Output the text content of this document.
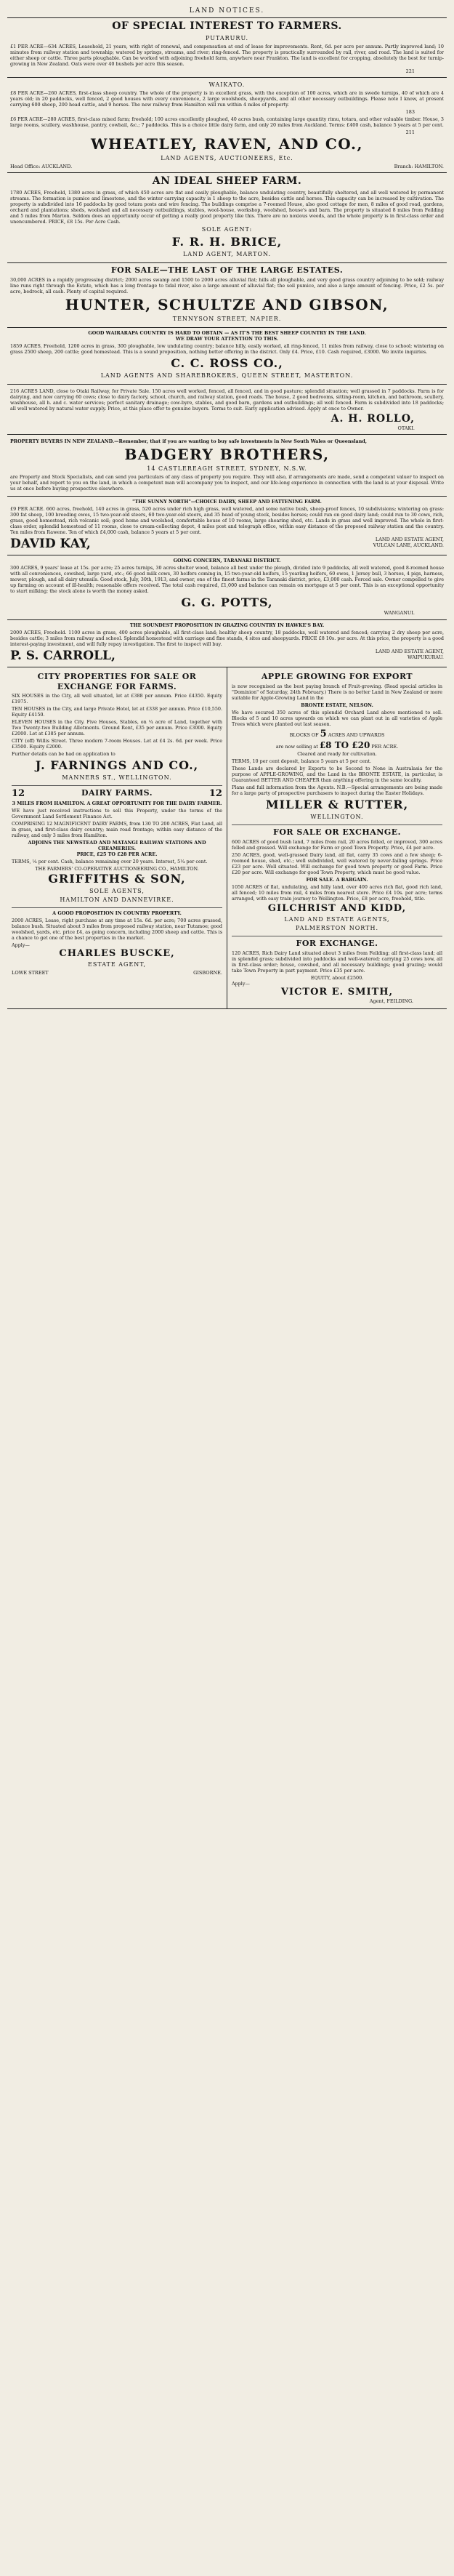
LAND NOTICES.
OF SPECIAL INTEREST TO FARMERS.
PUTARURU.
£1 PER ACRE—634 ACRES, Leasehold, 21 years, with right of renewal, and compensation at end of lease for improvements. Rent, 6d. per acre per annum. Partly improved land; 10 minutes from railway station and township; watered by springs, streams, and river; ring-fenced. The property is practically surrounded by rail, river, and road. The land is suited for either sheep or cattle. Three parts ploughable. Can be worked with adjoining freehold farm, anywhere near Frankton. The land is excellent for cropping, absolutely the best for turnip-growing in New Zealand. Oats were over 40 bushels per acre this season.
221
WAIKATO.
£8 PER ACRE—260 ACRES, first-class sheep country. The whole of the property is in excellent grass, with the exception of 100 acres, which are in swede turnips, 40 of which are 4 years old; in 20 paddocks, well fenced, 2 good houses with every convenience, 2 large woolsheds, sheepyards, and all other necessary outbuildings. Please note I know, at present carrying 600 sheep, 200 head cattle, and 9 horses. The new railway from Hamilton will run within 4 miles of property.
183
£6 PER ACRE—280 ACRES, first-class mixed farm; freehold; 100 acres excellently ploughed, 40 acres bush, containing large quantity rimu, totara, and other valuable timber. House, 3 large rooms, scullery, washhouse, pantry, cowbail, &c.; 7 paddocks. This is a choice little dairy farm, and only 20 miles from Auckland. Terms: £400 cash, balance 5 years at 5 per cent.
211
WHEATLEY, RAVEN, AND CO.,
LAND AGENTS, AUCTIONEERS, Etc.
Head Office: AUCKLAND.	Branch: HAMILTON.
AN IDEAL SHEEP FARM.
1780 ACRES, Freehold, 1380 acres in grass, of which 450 acres are flat and easily ploughable, balance undulating country, beautifully sheltered, and all well watered by permanent streams. The formation is pumice and limestone, and the winter carrying capacity is 1 sheep to the acre, besides cattle and horses. This capacity can be increased by cultivation. The property is subdivided into 16 paddocks by good totara posts and wire fencing. The buildings comprise a 7-roomed House, also good cottage for men, 8 miles of good road, gardens, orchard and plantations; sheds, woolshed and all necessary outbuildings, stables, wool-house, workshop, woolshed, house's and barn. The property is situated 8 miles from Feilding and 5 miles from Marton. Seldom does an opportunity occur of getting a really good property like this. There are no noxious weeds, and the whole property is in first-class order and unencumbered. PRICE, £8 15s. Per Acre Cash.
SOLE AGENT:
F. R. H. BRICE,
LAND AGENT, MARTON.
FOR SALE—THE LAST OF THE LARGE ESTATES.
30,000 ACRES in a rapidly progressing district; 2000 acres swamp and 1500 to 2000 acres alluvial flat; hills all ploughable, and very good grass country adjoining to be sold; railway line runs right through the Estate, which has a long frontage to tidal river, also a large amount of alluvial flat; the soil pumice, and also a large amount of fencing. Price, £2 5s. per acre, bedrock, all cash. Plenty of capital required.
HUNTER, SCHULTZE AND GIBSON,
TENNYSON STREET, NAPIER.
GOOD WAIRARAPA COUNTRY IS HARD TO OBTAIN — AS IT'S THE BEST SHEEP COUNTRY IN THE LAND.
WE DRAW YOUR ATTENTION TO THIS.
1859 ACRES, Freehold, 1200 acres in grass, 300 ploughable, low undulating country; balance hilly, easily worked, all ring-fenced, 11 miles from railway, close to school; wintering on grass 2500 sheep, 200 cattle; good homestead. This is a sound proposition, nothing better offering in the district. Only £4. Price, £10. Cash required, £3000. We invite inquiries.
C. C. ROSS CO.,
LAND AGENTS AND SHAREBROKERS, QUEEN STREET, MASTERTON.
216 ACRES LAND, close to Otaki Railway, for Private Sale. 150 acres well worked, fenced, all fenced, and in good pasture; splendid situation; well grassed in 7 paddocks. Farm is for dairying, and now carrying 60 cows; close to dairy factory, school, church, and railway station, good roads. The house, 2 good bedrooms, sitting-room, kitchen, and bathroom, scullery, washhouse, all h. and c. water services; perfect sanitary drainage; cow-byre, stables, and good barn, gardens and outbuildings; all well fenced. Farm is subdivided into 18 paddocks; all well watered by natural water supply. Price, at this place offer to genuine buyers. Terms to suit. Early application advised. Apply at once to Owner.
A. H. ROLLO,
OTAKI.
PROPERTY BUYERS IN NEW ZEALAND.—Remember, that if you are wanting to buy safe investments in New South Wales or Queensland,
BADGERY BROTHERS,
14 CASTLEREAGH STREET, SYDNEY, N.S.W.
are Property and Stock Specialists, and can send you particulars of any class of property you require. They will also, if arrangements are made, send a competent valuer to inspect on your behalf, and report to you on the land, in which a competent man will accompany you to inspect, and our life-long experience in connection with the land is at your disposal. Write us at once before buying prospective elsewhere.
"THE SUNNY NORTH"—CHOICE DAIRY, SHEEP AND FATTENING FARM.
£9 PER ACRE. 660 acres, freehold, 140 acres in grass, 520 acres under rich high grass, well watered, and some native bush, sheep-proof fences, 10 subdivisions; wintering on grass: 300 fat sheep, 100 breeding ewes, 15 two-year-old steers, 60 two-year-old steers, and 35 head of young stock, besides horses; could run on good dairy land; could run to 30 cows, rich, grass, good homestead, rich volcanic soil; good home and woolshed, comfortable house of 10 rooms, large shearing shed, etc. Lands in grass and well improved. The whole in first-class order, splendid homestead of 11 rooms, close to cream-collecting depot, 4 miles post and telegraph office, within easy distance of the proposed railway station and the country. Ten miles from Rawene. Ten of which £4,000 cash, balance 5 years at 5 per cent.
DAVID KAY,	LAND AND ESTATE AGENT,
VULCAN LANE, AUCKLAND.
GOING CONCERN, TARANAKI DISTRICT.
300 ACRES, 9 years' lease at 15s. per acre; 25 acres turnips, 30 acres shelter wood, balance all best under the plough, divided into 9 paddocks, all well watered, good 8-roomed house with all conveniences, cowshed, large yard, etc.; 66 good milk cows, 30 heifers coming in, 15 two-year-old heifers, 15 yearling heifers, 60 ewes, 1 Jersey bull, 3 horses, 4 pigs, harness, mower, plough, and all dairy utensils. Good stock, July, 30th, 1913, and owner, one of the finest farms in the Taranaki district, price, £3,000 cash. Forced sale. Owner compelled to give up farming on account of ill-health; reasonable offers received. The total cash required, £1,000 and balance can remain on mortgage at 5 per cent. This is an exceptional opportunity to start milking; the stock alone is worth the money asked.
G. G. POTTS,
WANGANUI.
THE SOUNDEST PROPOSITION IN GRAZING COUNTRY IN HAWKE'S BAY.
2000 ACRES, Freehold. 1100 acres in grass, 400 acres ploughable, all first-class land; healthy sheep country, 18 paddocks, well watered and fenced; carrying 2 dry sheep per acre, besides cattle; 3 miles from railway and school. Splendid homestead with carriage and fine stands, 4 sites and sheepyards. PRICE £8 10s. per acre. At this price, the property is a good interest-paying investment, and will fully repay investigation. The first to inspect will buy.
P. S. CARROLL,	LAND AND ESTATE AGENT,
WAIPUKURAU.
CITY PROPERTIES FOR SALE OR EXCHANGE FOR FARMS.
SIX HOUSES in the City, all well situated, let at £388 per annum. Price £4350. Equity £1975.
TEN HOUSES in the City, and large Private Hotel, let at £338 per annum. Price £10,550. Equity £4150.
ELEVEN HOUSES in the City. Five Houses, Stables, on ¼ acre of Land, together with Two Twenty-two Building Allotments. Ground Rent, £35 per annum. Price £3000. Equity £2000. Let at £385 per annum.
CITY (off) Willis Street. Three modern 7-room Houses. Let at £4 2s. 6d. per week. Price £3500. Equity £2000.
Further details can be had on application to
J. FARNINGS AND CO.,
MANNERS ST., WELLINGTON.
12	DAIRY FARMS.	12
3 MILES FROM HAMILTON. A GREAT OPPORTUNITY FOR THE DAIRY FARMER.
WE have just received instructions to sell this Property, under the terms of the Government Land Settlement Finance Act.
COMPRISING 12 MAGNIFICENT DAIRY FARMS, from 130 TO 200 ACRES, Flat Land, all in grass, and first-class dairy country; main road frontage; within easy distance of the railway, and only 3 miles from Hamilton.
ADJOINS THE NEWSTEAD AND MATANGI RAILWAY STATIONS AND CREAMERIES.
PRICE, £25 TO £28 PER ACRE.
TERMS, ¼ per cent. Cash, balance remaining over 20 years. Interest, 5¼ per cent.
THE FARMERS' CO-OPERATIVE AUCTIONEERING CO., HAMILTON.
GRIFFITHS & SON,
SOLE AGENTS,
HAMILTON AND DANNEVIRKE.
A GOOD PROPOSITION IN COUNTRY PROPERTY.
2000 ACRES, Lease, right purchase at any time at 15s. 6d. per acre; 700 acres grassed, balance bush. Situated about 3 miles from proposed railway station, near Tutamoe; good woolshed, yards, etc. price £4, as going concern, including 2000 sheep and cattle. This is a chance to get one of the best properties in the market.
Apply—
CHARLES BUSCKE,
ESTATE AGENT,
LOWE STREET	GISBORNE.
APPLE GROWING FOR EXPORT
is now recognised as the best paying branch of Fruit-growing. (Read special articles in "Dominion" of Saturday, 24th February.) There is no better Land in New Zealand or more suitable for Apple-Growing Land in the
BRONTE ESTATE, NELSON.
We have secured 350 acres of this splendid Orchard Land above mentioned to sell. Blocks of 5 and 10 acres upwards on which we can plant out in all varieties of Apple Trees which were planted out last season.
BLOCKS OF 5 ACRES AND UPWARDS
are now selling at £8 TO £20 PER ACRE.
Cleared and ready for cultivation.
TERMS, 10 per cent deposit, balance 5 years at 5 per cent.
These Lands are declared by Experts to be Second to None in Australasia for the purpose of APPLE-GROWING, and the Land in the BRONTE ESTATE, in particular, is Guaranteed BETTER AND CHEAPER than anything offering in the same locality.
Plans and full information from the Agents. N.B.—Special arrangements are being made for a large party of prospective purchasers to inspect during the Easter Holidays.
MILLER & RUTTER,
WELLINGTON.
FOR SALE OR EXCHANGE.
600 ACRES of good bush land, 7 miles from rail, 20 acres felled, or improved, 300 acres felled and grassed. Will exchange for Farm or good Town Property. Price, £4 per acre.
250 ACRES, good, well-grassed Dairy land, all flat, carry 35 cows and a few sheep; 6-roomed house, shed, etc.; well subdivided, well watered by never-failing springs. Price £23 per acre. Well situated. Will exchange for good town property or good Farm. Price £20 per acre. Will exchange for good Town Property, which must be good value.
FOR SALE. A BARGAIN.
1050 ACRES of flat, undulating, and hilly land, over 400 acres rich flat, good rich land, all fenced; 10 miles from rail, 4 miles from nearest store. Price £4 10s. per acre; terms arranged, with easy train journey to Wellington. Price, £8 per acre, freehold, title.
GILCHRIST AND KIDD,
LAND AND ESTATE AGENTS,
PALMERSTON NORTH.
FOR EXCHANGE.
120 ACRES, Rich Dairy Land situated about 3 miles from Feilding; all first-class land; all in splendid grass; subdivided into paddocks and well-watered; carrying 25 cows now, all in first-class order; house, cowshed, and all necessary buildings; good grazing; would take Town Property in part payment. Price £35 per acre.
EQUITY, about £2500.
Apply—
VICTOR E. SMITH,
Agent, FEILDING.
